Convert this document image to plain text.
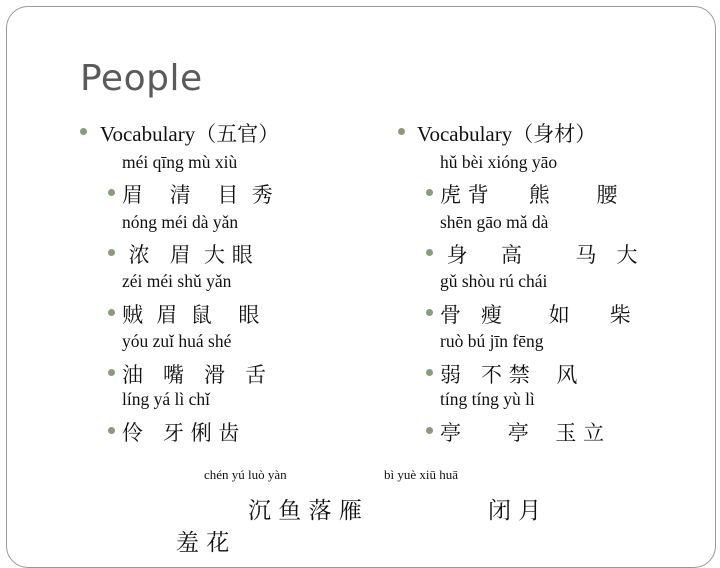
People
Vocabulary（五官）
méi qīng mù xiù
眉    清    目  秀
nóng méi dà yǎn
浓   眉  大 眼
zéi méi shǔ yǎn
贼  眉  鼠    眼
yóu zuǐ huá shé
油   嘴   滑   舌
líng yá lì chǐ
伶   牙 俐 齿
Vocabulary（身材）
hǔ bèi xióng yāo
虎 背      熊       腰
shēn gāo mǎ dà
身     高        马   大
gǔ shòu rú chái
骨   瘦       如      柴
ruò bú jīn fēng
弱   不 禁    风
tíng tíng yù lì
亭       亭    玉 立
chén yú luò yàn	bì yuè xiū huā
沉 鱼 落 雁	闭 月
羞 花
